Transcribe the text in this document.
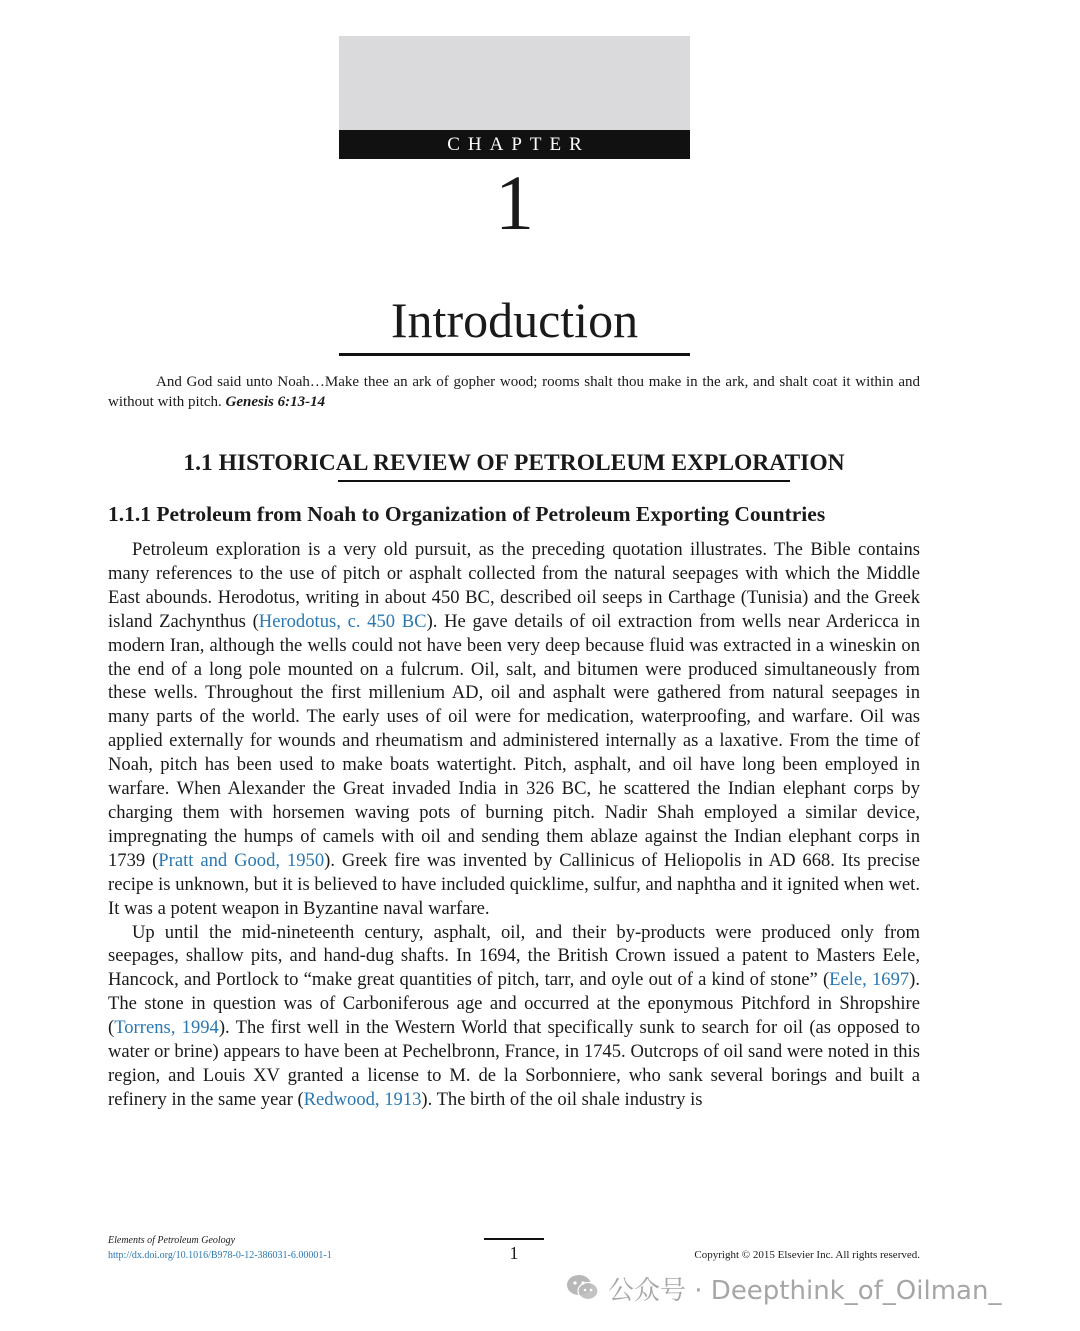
CHAPTER
1
Introduction

And God said unto Noah…Make thee an ark of gopher wood; rooms shalt thou make in the ark, and shalt coat it within and without with pitch. Genesis 6:13-14

1.1 HISTORICAL REVIEW OF PETROLEUM EXPLORATION
1.1.1 Petroleum from Noah to Organization of Petroleum Exporting Countries

Petroleum exploration is a very old pursuit, as the preceding quotation illustrates. The Bible contains many references to the use of pitch or asphalt collected from the natural seepages with which the Middle East abounds. Herodotus, writing in about 450 BC, described oil seeps in Carthage (Tunisia) and the Greek island Zachynthus (Herodotus, c. 450 BC). He gave details of oil extraction from wells near Ardericca in modern Iran, although the wells could not have been very deep because fluid was extracted in a wineskin on the end of a long pole mounted on a fulcrum. Oil, salt, and bitumen were produced simultaneously from these wells. Throughout the first millenium AD, oil and asphalt were gathered from natural seepages in many parts of the world. The early uses of oil were for medication, waterproofing, and warfare. Oil was applied externally for wounds and rheumatism and administered internally as a laxative. From the time of Noah, pitch has been used to make boats watertight. Pitch, asphalt, and oil have long been employed in warfare. When Alexander the Great invaded India in 326 BC, he scattered the Indian elephant corps by charging them with horsemen waving pots of burning pitch. Nadir Shah employed a similar device, impregnating the humps of camels with oil and sending them ablaze against the Indian elephant corps in 1739 (Pratt and Good, 1950). Greek fire was invented by Callinicus of Heliopolis in AD 668. Its precise recipe is unknown, but it is believed to have included quicklime, sulfur, and naphtha and it ignited when wet. It was a potent weapon in Byzantine naval warfare.

Up until the mid-nineteenth century, asphalt, oil, and their by-products were produced only from seepages, shallow pits, and hand-dug shafts. In 1694, the British Crown issued a patent to Masters Eele, Hancock, and Portlock to “make great quantities of pitch, tarr, and oyle out of a kind of stone” (Eele, 1697). The stone in question was of Carboniferous age and occurred at the eponymous Pitchford in Shropshire (Torrens, 1994). The first well in the Western World that specifically sunk to search for oil (as opposed to water or brine) appears to have been at Pechelbronn, France, in 1745. Outcrops of oil sand were noted in this region, and Louis XV granted a license to M. de la Sorbonniere, who sank several borings and built a refinery in the same year (Redwood, 1913). The birth of the oil shale industry is

Elements of Petroleum Geology
http://dx.doi.org/10.1016/B978-0-12-386031-6.00001-1	1	Copyright © 2015 Elsevier Inc. All rights reserved.
公众号 · Deepthink_of_Oilman_
